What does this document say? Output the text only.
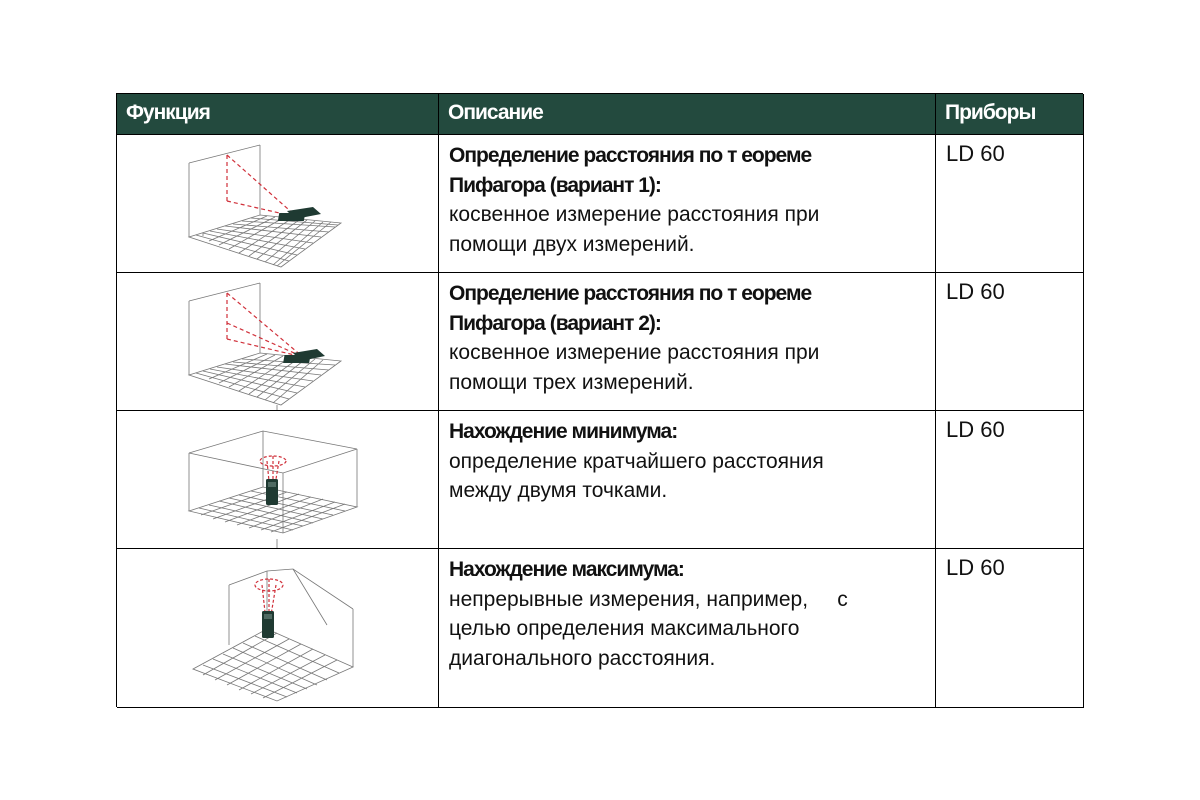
Функция	Описание	Приборы
Определение расстояния по т еореме
Пифагора (вариант 1):
косвенное измерение расстояния при
помощи двух измерений.
LD 60
Определение расстояния по т еореме
Пифагора (вариант 2):
косвенное измерение расстояния при
помощи трех измерений.
LD 60
Нахождение минимума:
определение кратчайшего расстояния
между двумя точками.
LD 60
Нахождение максимума:
непрерывные измерения, например,     с
целью определения максимального
диагонального расстояния.
LD 60
